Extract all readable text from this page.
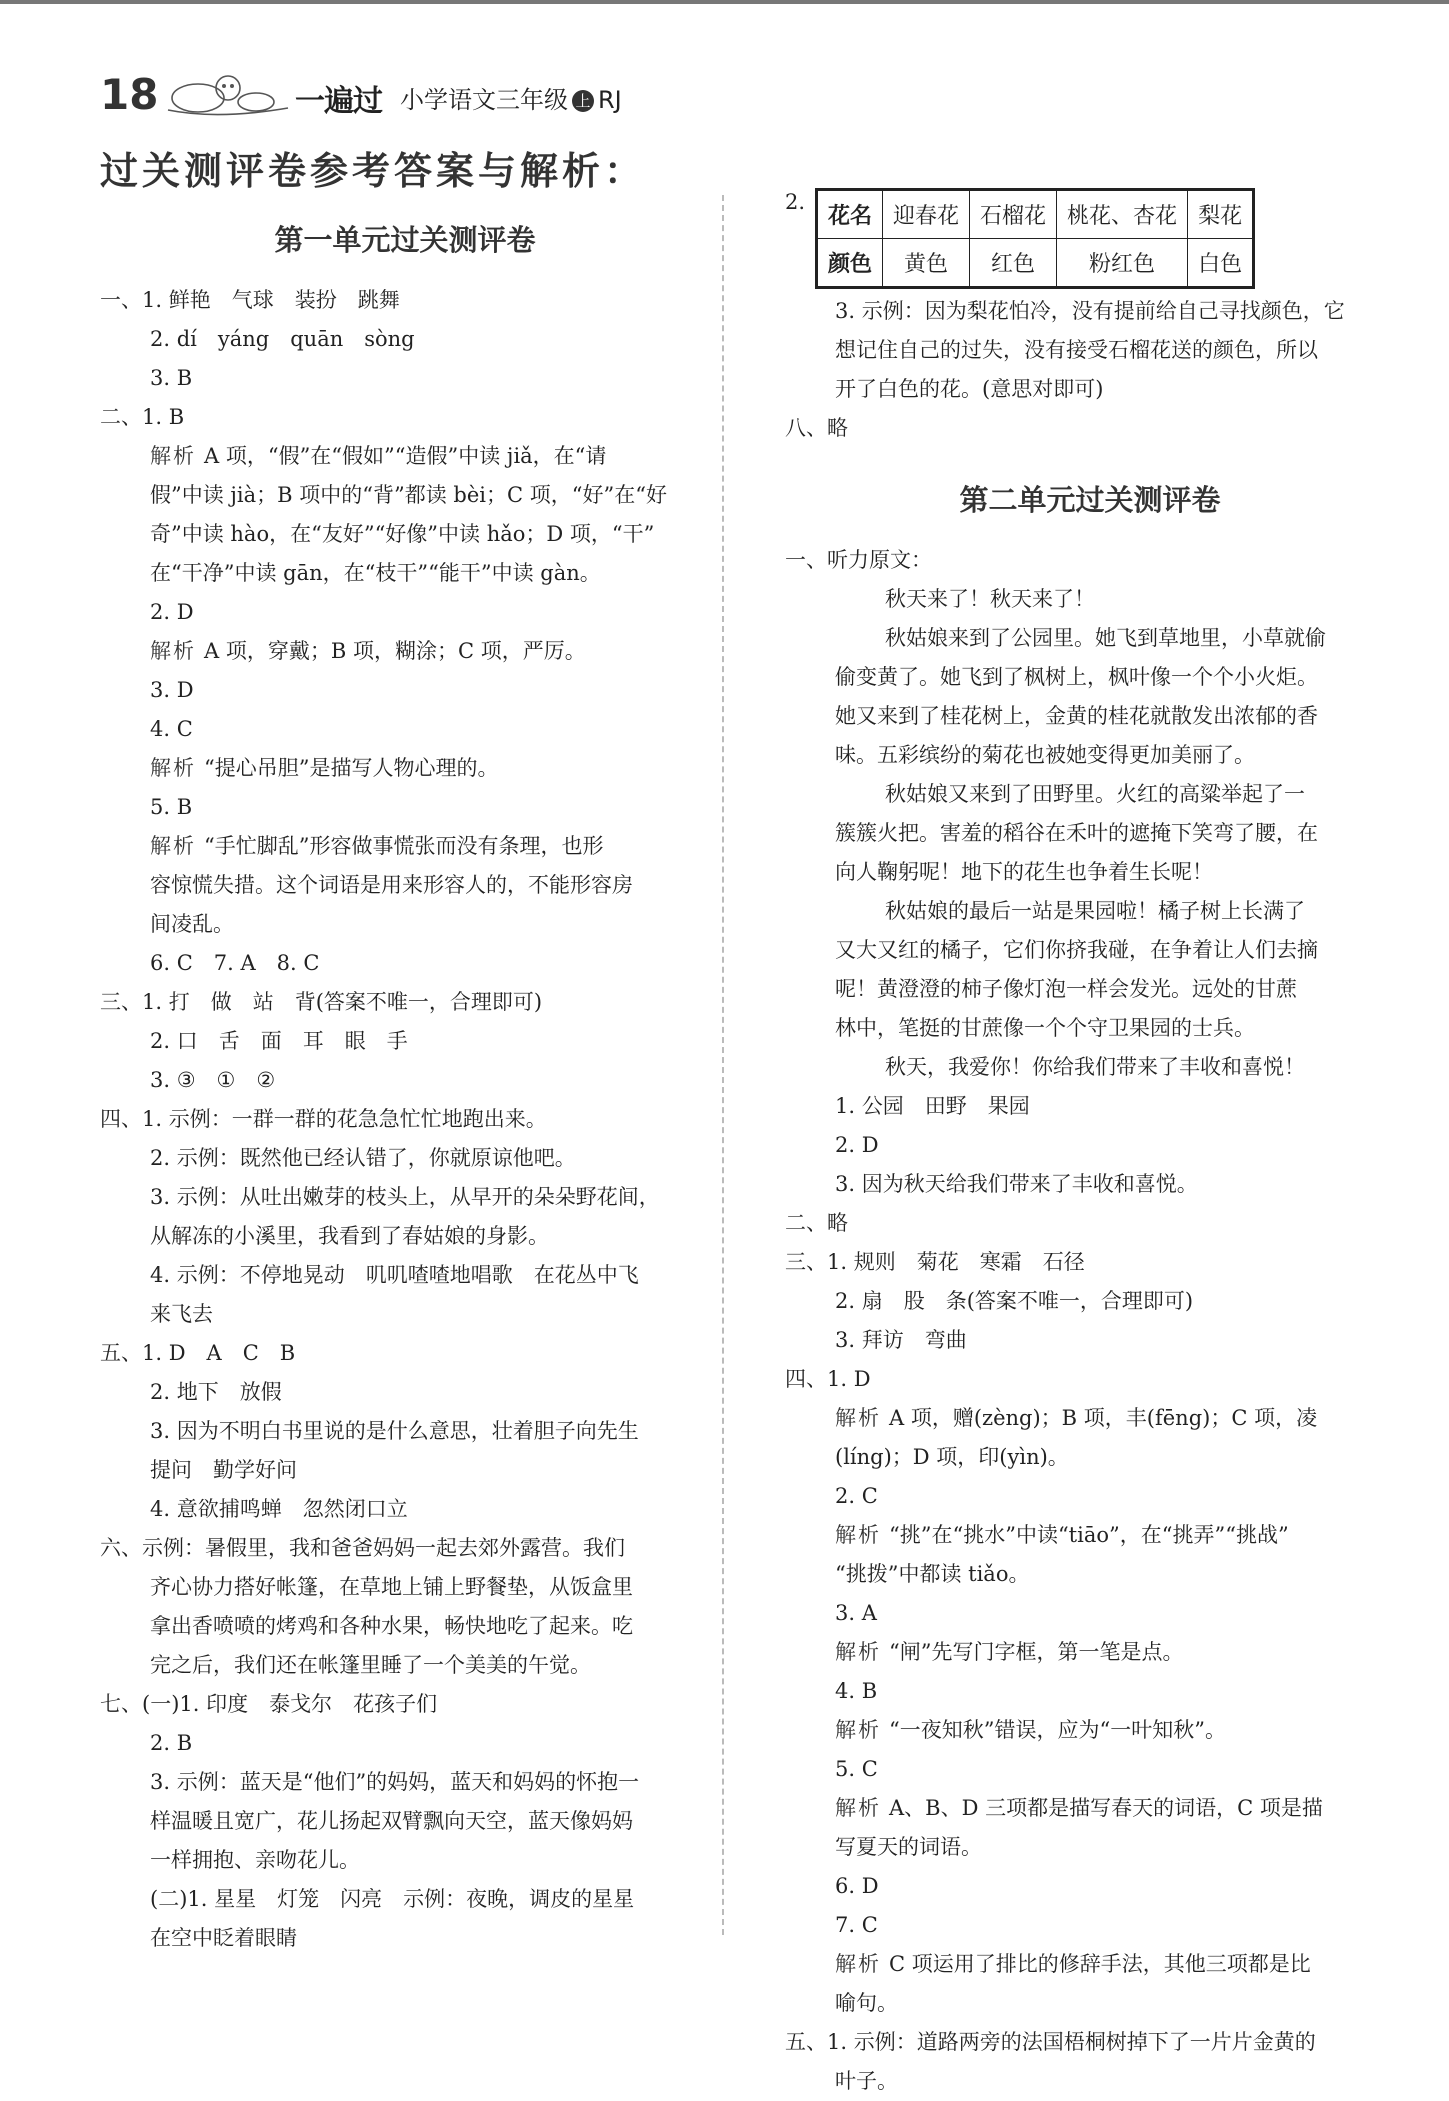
18	一遍过 小学语文三年级 上 RJ
过关测评卷参考答案与解析：
第一单元过关测评卷
一、1. 鲜艳　气球　装扮　跳舞
2. dí　yáng　quān　sòng
3. B
二、1. B
解析 A 项，“假”在“假如”“造假”中读 jiǎ，在“请
假”中读 jià；B 项中的“背”都读 bèi；C 项，“好”在“好
奇”中读 hào，在“友好”“好像”中读 hǎo；D 项，“干”
在“干净”中读 gān，在“枝干”“能干”中读 gàn。
2. D
解析 A 项，穿戴；B 项，糊涂；C 项，严厉。
3. D
4. C
解析 “提心吊胆”是描写人物心理的。
5. B
解析 “手忙脚乱”形容做事慌张而没有条理，也形
容惊慌失措。这个词语是用来形容人的，不能形容房
间凌乱。
6. C　7. A　8. C
三、1. 打　做　站　背(答案不唯一，合理即可)
2. 口　舌　面　耳　眼　手
3. ③　①　②
四、1. 示例：一群一群的花急急忙忙地跑出来。
2. 示例：既然他已经认错了，你就原谅他吧。
3. 示例：从吐出嫩芽的枝头上，从早开的朵朵野花间，
从解冻的小溪里，我看到了春姑娘的身影。
4. 示例：不停地晃动　叽叽喳喳地唱歌　在花丛中飞
来飞去
五、1. D　A　C　B
2. 地下　放假
3. 因为不明白书里说的是什么意思，壮着胆子向先生
提问　勤学好问
4. 意欲捕鸣蝉　忽然闭口立
六、示例：暑假里，我和爸爸妈妈一起去郊外露营。我们
齐心协力搭好帐篷，在草地上铺上野餐垫，从饭盒里
拿出香喷喷的烤鸡和各种水果，畅快地吃了起来。吃
完之后，我们还在帐篷里睡了一个美美的午觉。
七、(一)1. 印度　泰戈尔　花孩子们
2. B
3. 示例：蓝天是“他们”的妈妈，蓝天和妈妈的怀抱一
样温暖且宽广，花儿扬起双臂飘向天空，蓝天像妈妈
一样拥抱、亲吻花儿。
(二)1. 星星　灯笼　闪亮　示例：夜晚，调皮的星星
在空中眨着眼睛
2.
花名	迎春花	石榴花	桃花、杏花	梨花
颜色	黄色	红色	粉红色	白色
3. 示例：因为梨花怕冷，没有提前给自己寻找颜色，它
想记住自己的过失，没有接受石榴花送的颜色，所以
开了白色的花。(意思对即可)
八、略
第二单元过关测评卷
一、听力原文：
秋天来了！秋天来了！
秋姑娘来到了公园里。她飞到草地里，小草就偷
偷变黄了。她飞到了枫树上，枫叶像一个个小火炬。
她又来到了桂花树上，金黄的桂花就散发出浓郁的香
味。五彩缤纷的菊花也被她变得更加美丽了。
秋姑娘又来到了田野里。火红的高粱举起了一
簇簇火把。害羞的稻谷在禾叶的遮掩下笑弯了腰，在
向人鞠躬呢！地下的花生也争着生长呢！
秋姑娘的最后一站是果园啦！橘子树上长满了
又大又红的橘子，它们你挤我碰，在争着让人们去摘
呢！黄澄澄的柿子像灯泡一样会发光。远处的甘蔗
林中，笔挺的甘蔗像一个个守卫果园的士兵。
秋天，我爱你！你给我们带来了丰收和喜悦！
1. 公园　田野　果园
2. D
3. 因为秋天给我们带来了丰收和喜悦。
二、略
三、1. 规则　菊花　寒霜　石径
2. 扇　股　条(答案不唯一，合理即可)
3. 拜访　弯曲
四、1. D
解析 A 项，赠(zèng)；B 项，丰(fēng)；C 项，凌
(líng)；D 项，印(yìn)。
2. C
解析 “挑”在“挑水”中读“tiāo”，在“挑弄”“挑战”
“挑拨”中都读 tiǎo。
3. A
解析 “闸”先写门字框，第一笔是点。
4. B
解析 “一夜知秋”错误，应为“一叶知秋”。
5. C
解析 A、B、D 三项都是描写春天的词语，C 项是描
写夏天的词语。
6. D
7. C
解析 C 项运用了排比的修辞手法，其他三项都是比
喻句。
五、1. 示例：道路两旁的法国梧桐树掉下了一片片金黄的
叶子。
